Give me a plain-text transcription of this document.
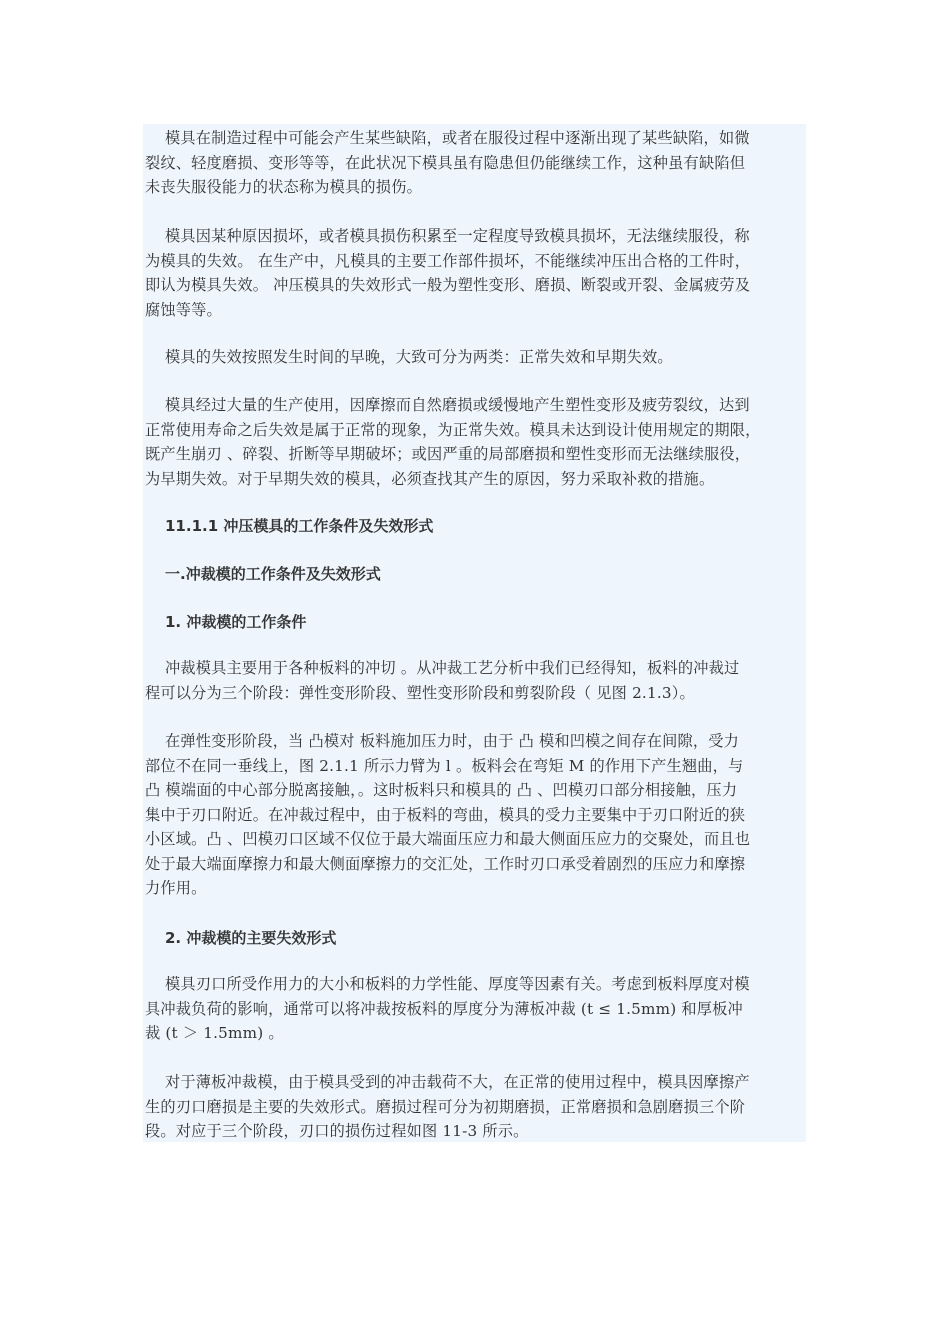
模具在制造过程中可能会产生某些缺陷，或者在服役过程中逐渐出现了某些缺陷，如微
裂纹、轻度磨损、变形等等，在此状况下模具虽有隐患但仍能继续工作，这种虽有缺陷但
未丧失服役能力的状态称为模具的损伤。
模具因某种原因损坏，或者模具损伤积累至一定程度导致模具损坏，无法继续服役，称
为模具的失效。 在生产中，凡模具的主要工作部件损坏，不能继续冲压出合格的工件时，
即认为模具失效。 冲压模具的失效形式一般为塑性变形、磨损、断裂或开裂、金属疲劳及
腐蚀等等。
模具的失效按照发生时间的早晚，大致可分为两类：正常失效和早期失效。
模具经过大量的生产使用，因摩擦而自然磨损或缓慢地产生塑性变形及疲劳裂纹，达到
正常使用寿命之后失效是属于正常的现象，为正常失效。模具未达到设计使用规定的期限，
既产生崩刃 、碎裂、折断等早期破坏；或因严重的局部磨损和塑性变形而无法继续服役，
为早期失效。对于早期失效的模具，必须查找其产生的原因，努力采取补救的措施。
11.1.1 冲压模具的工作条件及失效形式
一.冲裁模的工作条件及失效形式
1. 冲裁模的工作条件
冲裁模具主要用于各种板料的冲切 。从冲裁工艺分析中我们已经得知，板料的冲裁过
程可以分为三个阶段：弹性变形阶段、塑性变形阶段和剪裂阶段（ 见图 2.1.3）。
在弹性变形阶段，当 凸模对 板料施加压力时，由于 凸 模和凹模之间存在间隙，受力
部位不在同一垂线上，图 2.1.1 所示力臂为 l 。板料会在弯矩 M 的作用下产生翘曲，与
凸 模端面的中心部分脱离接触，。这时板料只和模具的 凸 、凹模刃口部分相接触，压力
集中于刃口附近。在冲裁过程中，由于板料的弯曲，模具的受力主要集中于刃口附近的狭
小区域。凸 、凹模刃口区域不仅位于最大端面压应力和最大侧面压应力的交聚处，而且也
处于最大端面摩擦力和最大侧面摩擦力的交汇处，工作时刃口承受着剧烈的压应力和摩擦
力作用。
2. 冲裁模的主要失效形式
模具刃口所受作用力的大小和板料的力学性能、厚度等因素有关。考虑到板料厚度对模
具冲裁负荷的影响，通常可以将冲裁按板料的厚度分为薄板冲裁 (t ≤ 1.5mm) 和厚板冲
裁 (t ＞ 1.5mm) 。
对于薄板冲裁模，由于模具受到的冲击载荷不大，在正常的使用过程中，模具因摩擦产
生的刃口磨损是主要的失效形式。磨损过程可分为初期磨损，正常磨损和急剧磨损三个阶
段。对应于三个阶段，刃口的损伤过程如图 11-3 所示。
